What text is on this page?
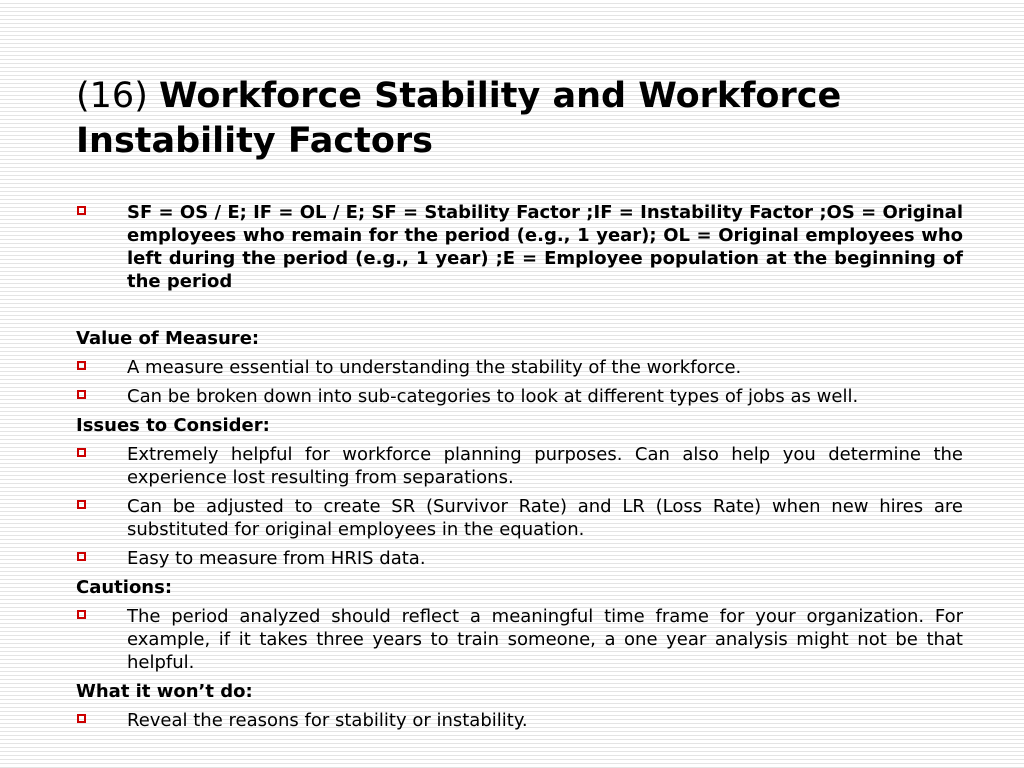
(16) Workforce Stability and Workforce Instability Factors
SF = OS / E; IF = OL / E; SF = Stability Factor ;IF = Instability Factor ;OS = Original employees who remain for the period (e.g., 1 year); OL = Original employees who left during the period (e.g., 1 year) ;E = Employee population at the beginning of the period
Value of Measure:
A measure essential to understanding the stability of the workforce.
Can be broken down into sub-categories to look at different types of jobs as well.
Issues to Consider:
Extremely helpful for workforce planning purposes. Can also help you determine the experience lost resulting from separations.
Can be adjusted to create SR (Survivor Rate) and LR (Loss Rate) when new hires are substituted for original employees in the equation.
Easy to measure from HRIS data.
Cautions:
The period analyzed should reflect a meaningful time frame for your organization. For example, if it takes three years to train someone, a one year analysis might not be that helpful.
What it won’t do:
Reveal the reasons for stability or instability.
